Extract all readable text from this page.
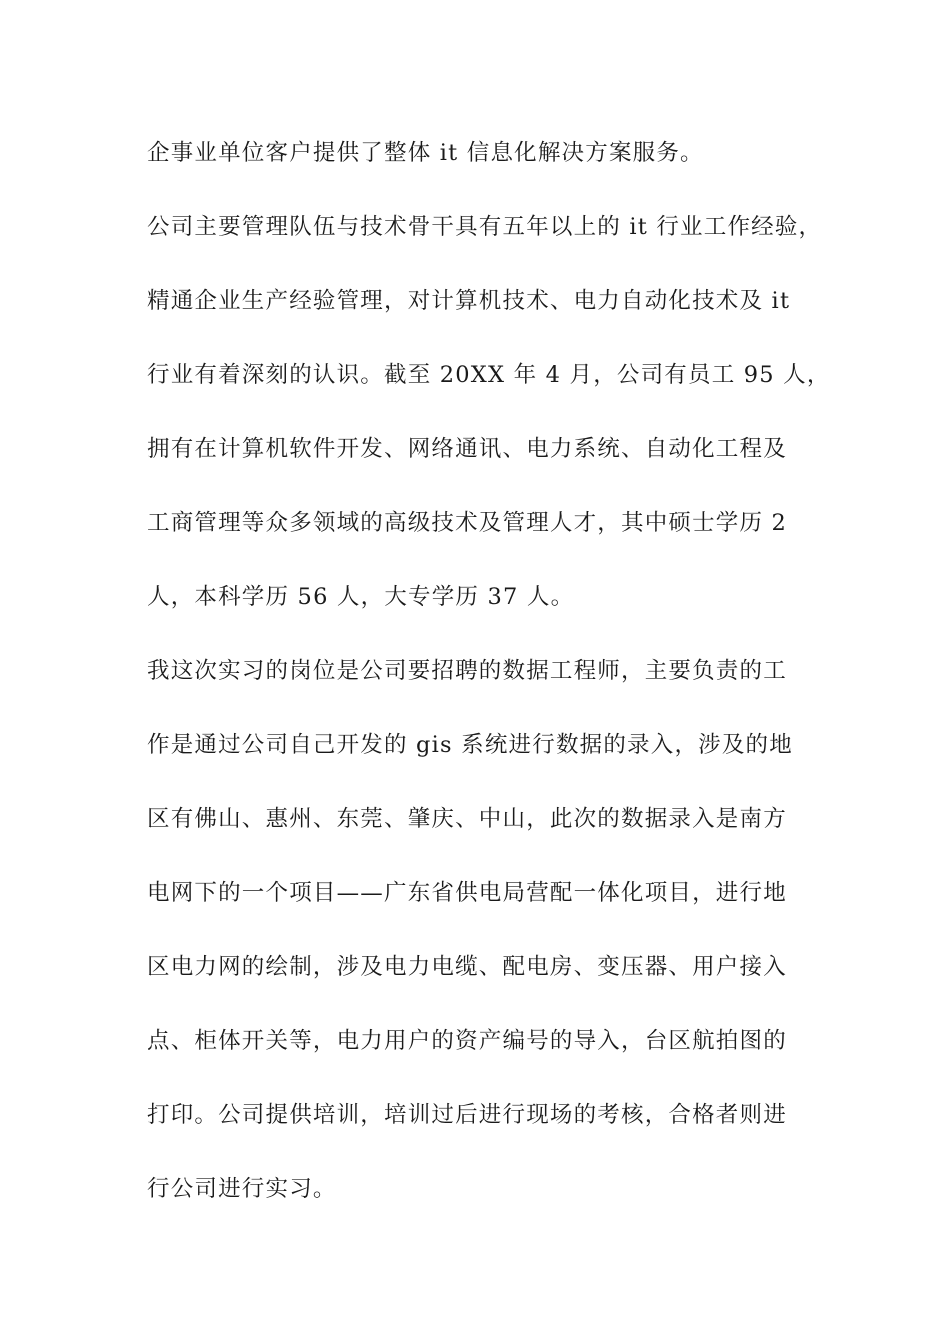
企事业单位客户提供了整体 it 信息化解决方案服务。
公司主要管理队伍与技术骨干具有五年以上的 it 行业工作经验，
精通企业生产经验管理，对计算机技术、电力自动化技术及 it
行业有着深刻的认识。截至 20XX 年 4 月，公司有员工 95 人，
拥有在计算机软件开发、网络通讯、电力系统、自动化工程及
工商管理等众多领域的高级技术及管理人才，其中硕士学历 2
人，本科学历 56 人，大专学历 37 人。
我这次实习的岗位是公司要招聘的数据工程师，主要负责的工
作是通过公司自己开发的 gis 系统进行数据的录入，涉及的地
区有佛山、惠州、东莞、肇庆、中山，此次的数据录入是南方
电网下的一个项目——广东省供电局营配一体化项目，进行地
区电力网的绘制，涉及电力电缆、配电房、变压器、用户接入
点、柜体开关等，电力用户的资产编号的导入，台区航拍图的
打印。公司提供培训，培训过后进行现场的考核，合格者则进
行公司进行实习。
